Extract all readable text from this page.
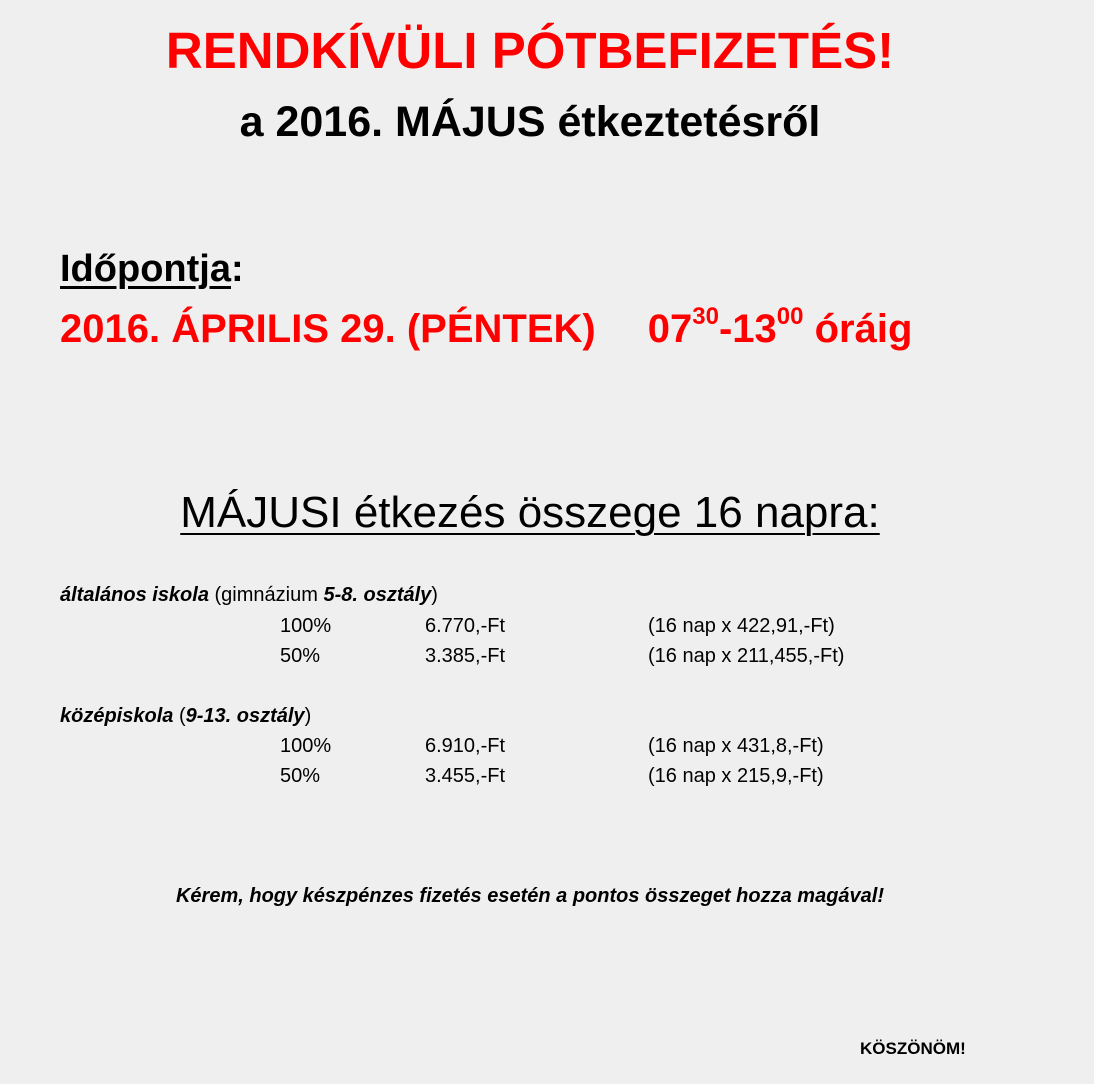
RENDKÍVÜLI PÓTBEFIZETÉS!
a 2016. MÁJUS étkeztetésről
Időpontja:
2016. ÁPRILIS 29. (PÉNTEK) $07^{30}-13^{00}$ óráig
MÁJUSI étkezés összege 16 napra:
általános iskola (gimnázium 5-8. osztály)
100%	6.770,-Ft	(16 nap x 422,91,-Ft)
50%	3.385,-Ft	(16 nap x 211,455,-Ft)
középiskola (9-13. osztály)
100%	6.910,-Ft	(16 nap x 431,8,-Ft)
50%	3.455,-Ft	(16 nap x 215,9,-Ft)
Kérem, hogy készpénzes fizetés esetén a pontos összeget hozza magával!
KÖSZÖNÖM!
